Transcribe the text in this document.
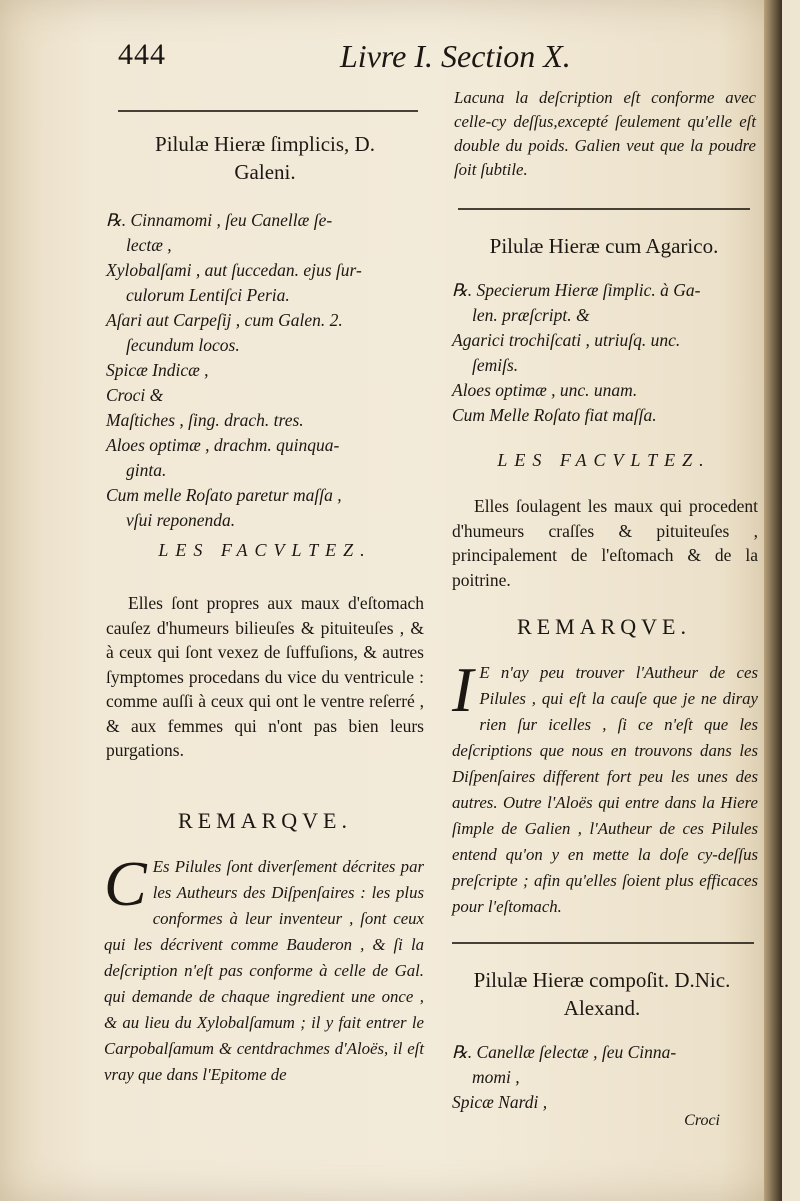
444	Livre I. Section X.

Pilulæ Hieræ ſimplicis, D.

Galeni.

℞. Cinnamomi , ſeu Canellæ ſe-
lectæ ,
Xylobalſami , aut ſuccedan. ejus ſur-
culorum Lentiſci Peria.
Aſari aut Carpeſij , cum Galen. 2.
ſecundum locos.
Spicæ Indicæ ,
Croci &
Maſtiches , ſing. drach. tres.
Aloes optimæ , drachm. quinqua-
ginta.
Cum melle Roſato paretur maſſa ,
vſui reponenda.

LES FACVLTEZ.

Elles ſont propres aux maux d'eſtomach cauſez d'humeurs bilieuſes & pituiteuſes , & à ceux qui ſont vexez de ſuffuſions, & autres ſymptomes procedans du vice du ventricule : comme auſſi à ceux qui ont le ventre reſerré , & aux femmes qui n'ont pas bien leurs purgations.

REMARQVE.

C Es Pilules ſont diverſement décrites par les Autheurs des Diſpenſaires : les plus conformes à leur inventeur , ſont ceux qui les décrivent comme Bauderon , & ſi la deſcription n'eſt pas conforme à celle de Gal. qui demande de chaque ingredient une once , & au lieu du Xylobalſamum ; il y fait entrer le Carpobalſamum & centdrachmes d'Aloës, il eſt vray que dans l'Epitome de

Lacuna la deſcription eſt conforme avec celle-cy deſſus,excepté ſeulement qu'elle eſt double du poids. Galien veut que la poudre ſoit ſubtile.

Pilulæ Hieræ cum Agarico.

℞. Specierum Hieræ ſimplic. à Ga-
len. præſcript. &
Agarici trochiſcati , utriuſq. unc.
ſemiſs.
Aloes optimæ , unc. unam.
Cum Melle Roſato fiat maſſa.

LES FACVLTEZ.

Elles ſoulagent les maux qui procedent d'humeurs craſſes & pituiteuſes , principalement de l'eſtomach & de la poitrine.

REMARQVE.

I E n'ay peu trouver l'Autheur de ces Pilules , qui eſt la cauſe que je ne diray rien ſur icelles , ſi ce n'eſt que les deſcriptions que nous en trouvons dans les Diſpenſaires different fort peu les unes des autres. Outre l'Aloës qui entre dans la Hiere ſimple de Galien , l'Autheur de ces Pilules entend qu'on y en mette la doſe cy-deſſus preſcripte ; afin qu'elles ſoient plus efficaces pour l'eſtomach.

Pilulæ Hieræ compoſit. D.Nic.

Alexand.

℞. Canellæ ſelectæ , ſeu Cinna-
momi ,
Spicæ Nardi ,
Croci
